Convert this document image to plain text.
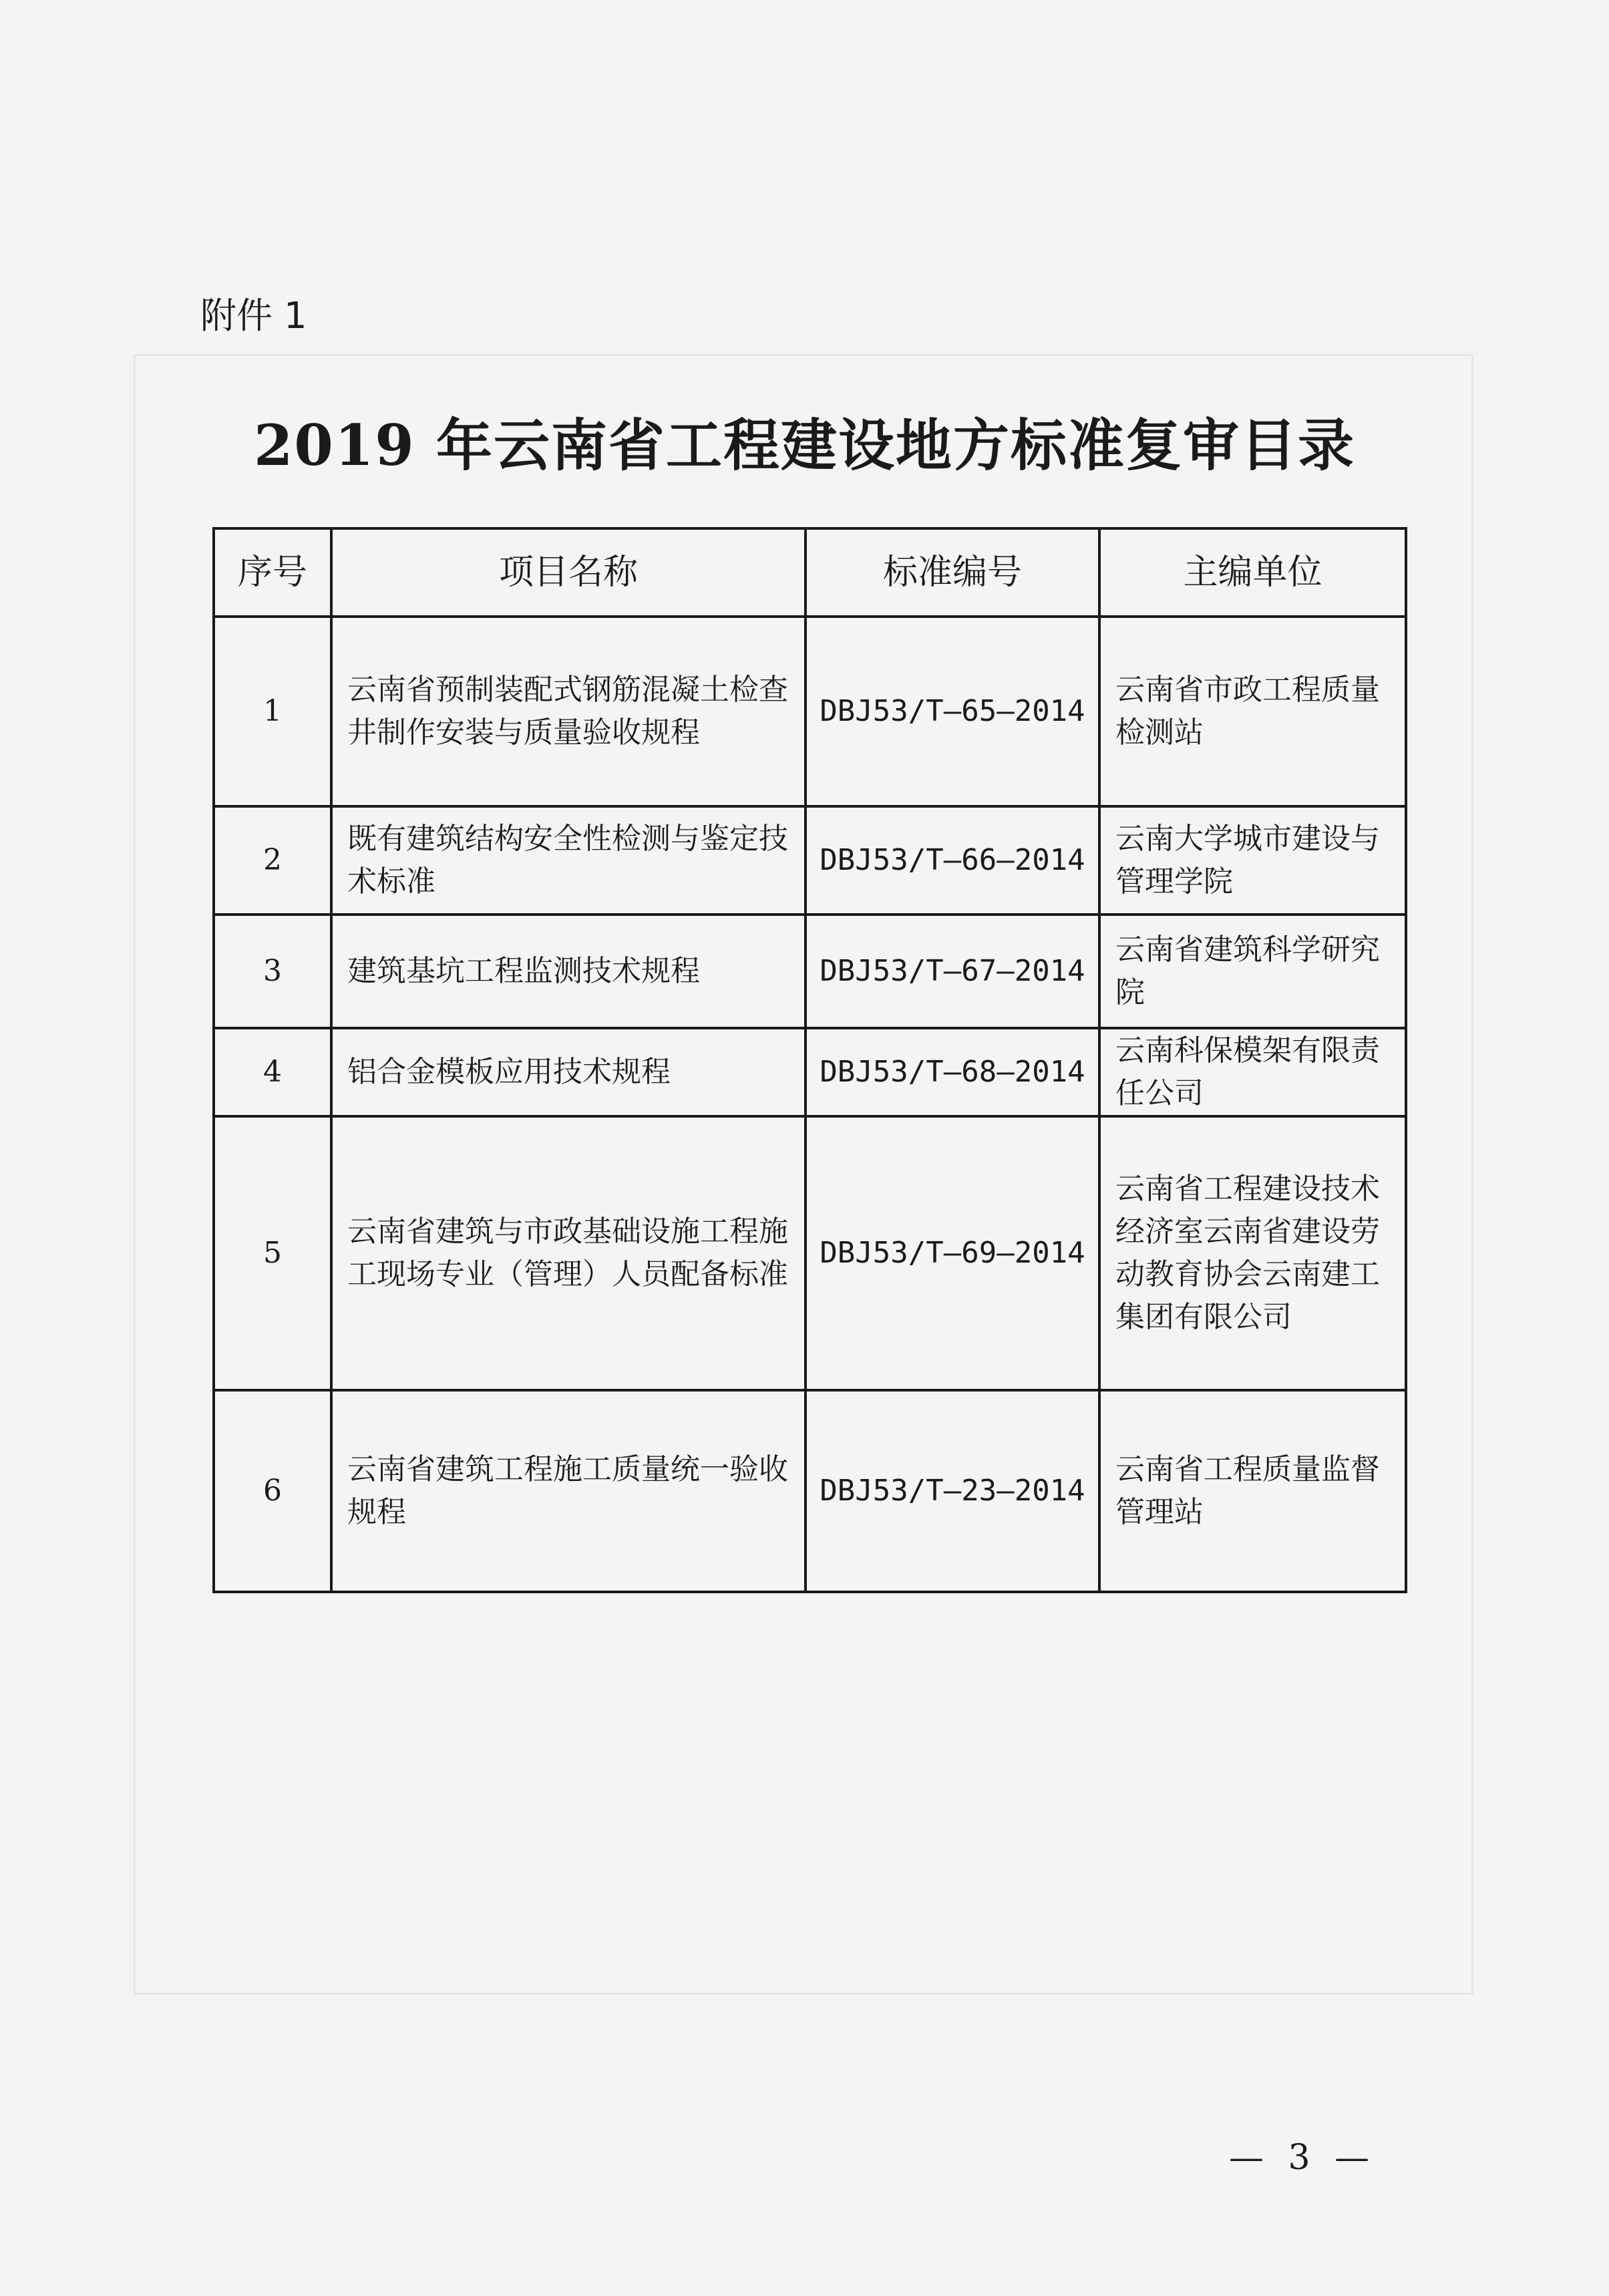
附件 1
2019 年云南省工程建设地方标准复审目录
序号	项目名称	标准编号	主编单位
1	云南省预制装配式钢筋混凝土检查井制作安装与质量验收规程	DBJ53/T—65—2014	云南省市政工程质量检测站
2	既有建筑结构安全性检测与鉴定技术标准	DBJ53/T—66—2014	云南大学城市建设与管理学院
3	建筑基坑工程监测技术规程	DBJ53/T—67—2014	云南省建筑科学研究院
4	铝合金模板应用技术规程	DBJ53/T—68—2014	云南科保模架有限责任公司
5	云南省建筑与市政基础设施工程施工现场专业（管理）人员配备标准	DBJ53/T—69—2014	云南省工程建设技术经济室云南省建设劳动教育协会云南建工集团有限公司
6	云南省建筑工程施工质量统一验收规程	DBJ53/T—23—2014	云南省工程质量监督管理站
— 3 —
